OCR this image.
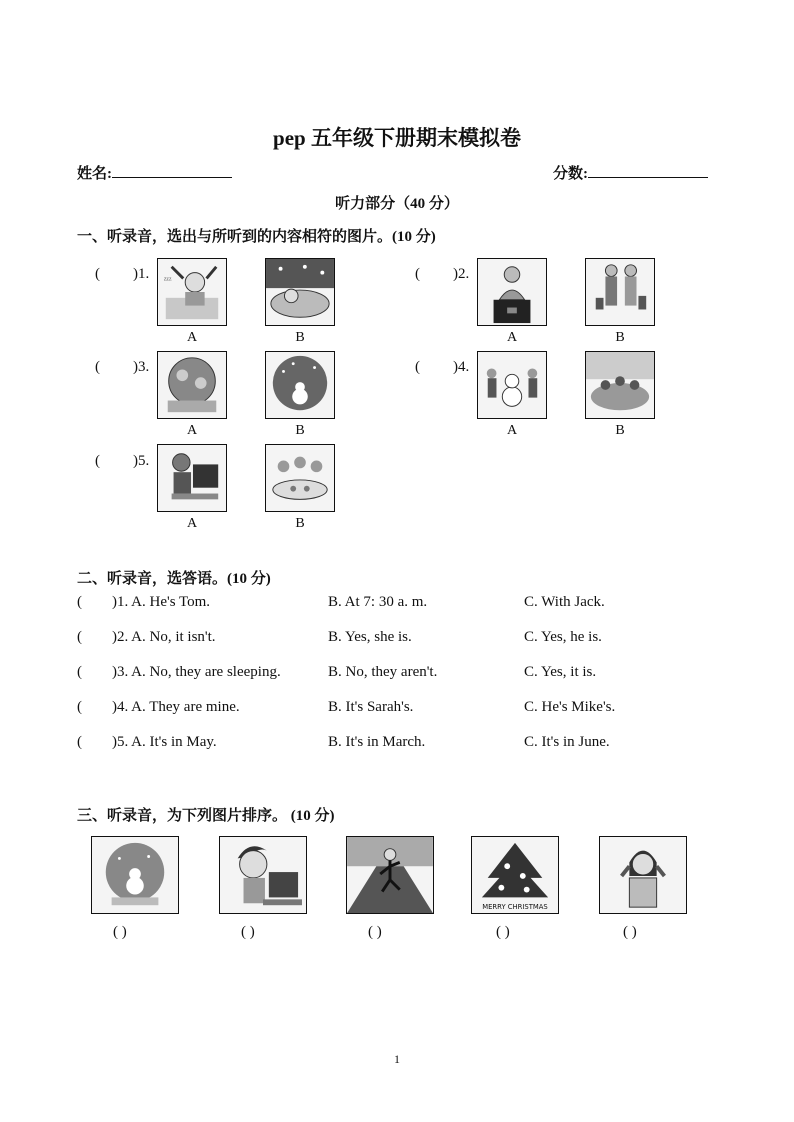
pep 五年级下册期末模拟卷
姓名:	分数:
听力部分（40 分）
一、听录音，选出与所听到的内容相符的图片。(10 分)
( )1. zzz
A	B
( )2.
A	B
( )3.
A	B
( )4.
A	B
( )5.
A	B
二、听录音，选答语。(10 分)
( )1. A. He's Tom.	B. At 7: 30 a. m.	C. With Jack.
( )2. A. No, it isn't.	B. Yes, she is.	C. Yes, he is.
( )3. A. No, they are sleeping.	B. No, they aren't.	C. Yes, it is.
( )4. A. They are mine.	B. It's Sarah's.	C. He's Mike's.
( )5. A. It's in May.	B. It's in March.	C. It's in June.
三、听录音，为下列图片排序。 (10 分)
( )	( )	( )
MERRY CHRISTMAS
( )	( )
1
